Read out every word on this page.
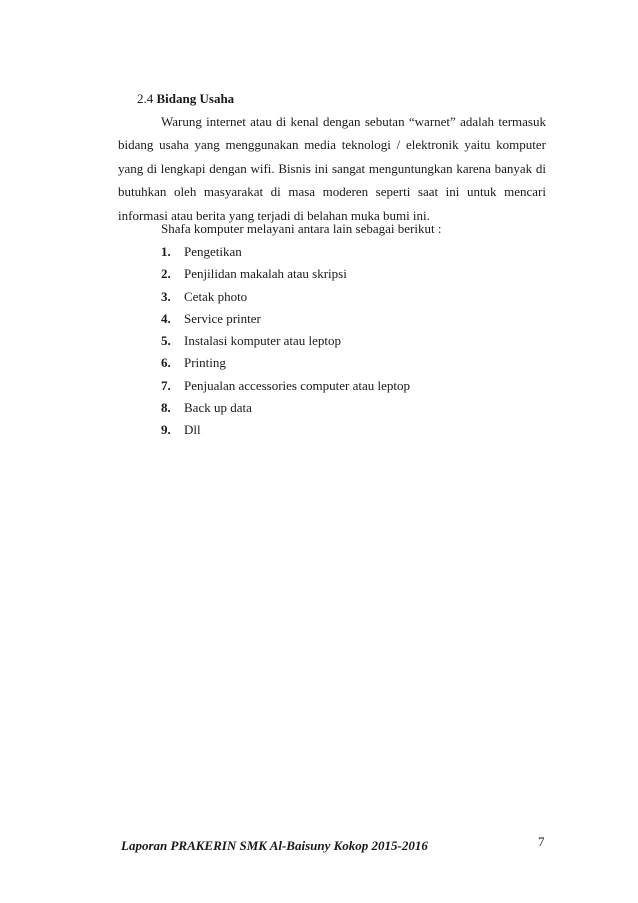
2.4 Bidang Usaha
Warung internet atau di kenal dengan sebutan “warnet” adalah termasuk
bidang usaha yang menggunakan media teknologi / elektronik yaitu komputer
yang di lengkapi dengan wifi. Bisnis ini sangat menguntungkan karena banyak di
butuhkan oleh masyarakat di masa moderen seperti saat ini untuk mencari
informasi atau berita yang terjadi di belahan muka bumi ini.
Shafa komputer melayani antara lain sebagai berikut :
1.	Pengetikan
2.	Penjilidan makalah atau skripsi
3.	Cetak photo
4.	Service printer
5.	Instalasi komputer atau leptop
6.	Printing
7.	Penjualan accessories computer atau leptop
8.	Back up data
9.	Dll
Laporan PRAKERIN SMK Al-Baisuny Kokop 2015-2016	7
